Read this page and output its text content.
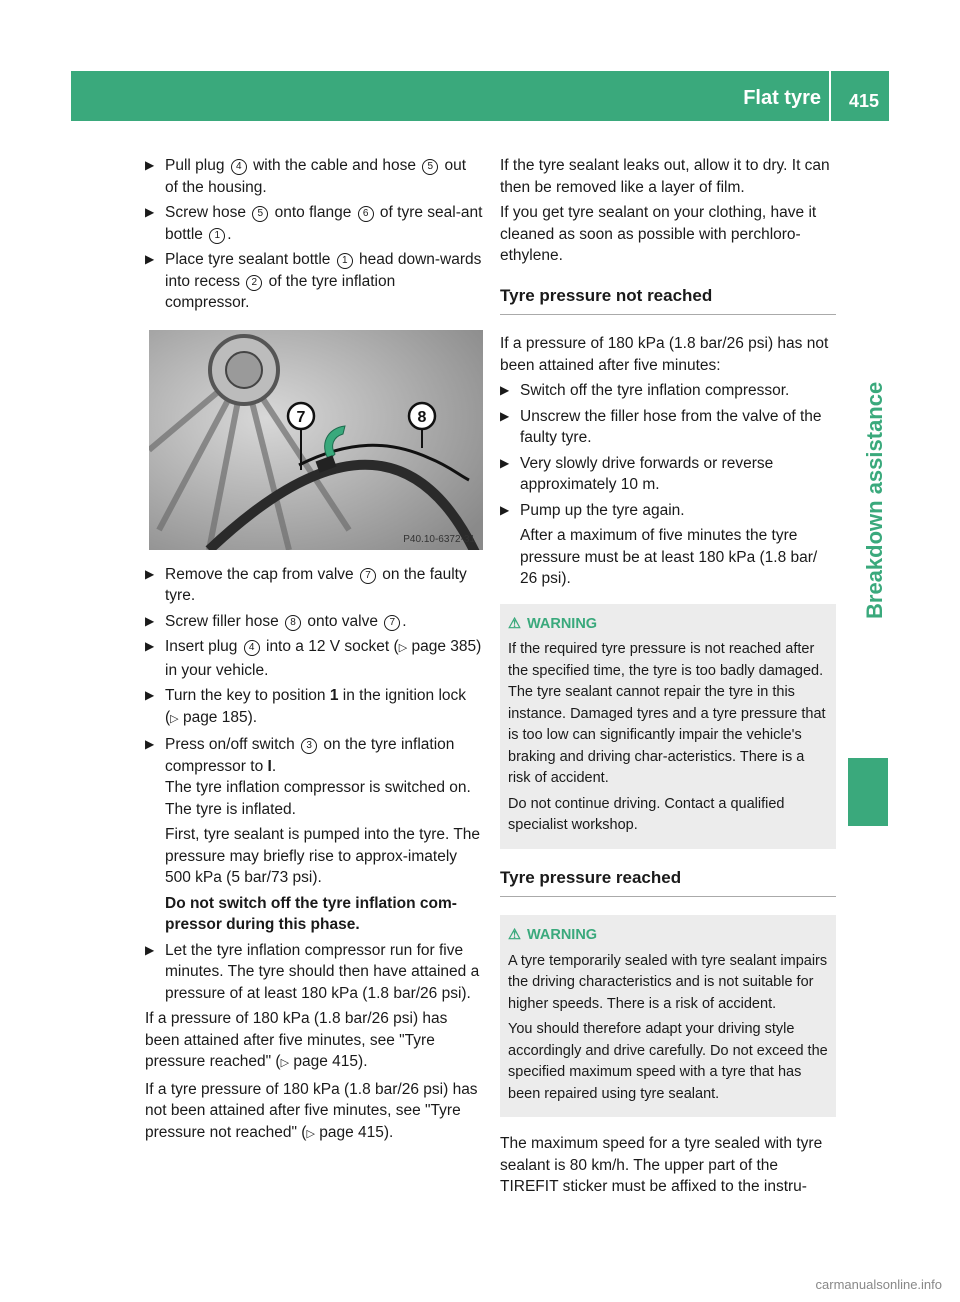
Flat tyre 415
Breakdown assistance
▶ Pull plug 4 with the cable and hose 5 out of the housing.
▶ Screw hose 5 onto flange 6 of tyre seal-ant bottle 1 .
▶ Place tyre sealant bottle 1 head down-wards into recess 2 of the tyre inflation compressor.
7	8
P40.10-6372-31
▶ Remove the cap from valve 7 on the faulty tyre.
▶ Screw filler hose 8 onto valve 7 .
▶ Insert plug 4 into a 12 V socket (▷ page 385) in your vehicle.
▶ Turn the key to position 1 in the ignition lock (▷ page 185).
▶ Press on/off switch 3 on the tyre inflation compressor to I.
The tyre inflation compressor is switched on. The tyre is inflated.
First, tyre sealant is pumped into the tyre. The pressure may briefly rise to approx-imately 500 kPa (5 bar/73 psi).
Do not switch off the tyre inflation com-pressor during this phase.
▶ Let the tyre inflation compressor run for five minutes. The tyre should then have attained a pressure of at least 180 kPa (1.8 bar/26 psi).
If a pressure of 180 kPa (1.8 bar/26 psi) has been attained after five minutes, see "Tyre pressure reached" (▷ page 415).
If a tyre pressure of 180 kPa (1.8 bar/26 psi) has not been attained after five minutes, see "Tyre pressure not reached" (▷ page 415).
If the tyre sealant leaks out, allow it to dry. It can then be removed like a layer of film.
If you get tyre sealant on your clothing, have it cleaned as soon as possible with perchloro-ethylene.
Tyre pressure not reached
If a pressure of 180 kPa (1.8 bar/26 psi) has not been attained after five minutes:
▶ Switch off the tyre inflation compressor.
▶ Unscrew the filler hose from the valve of the faulty tyre.
▶ Very slowly drive forwards or reverse approximately 10 m.
▶ Pump up the tyre again.
After a maximum of five minutes the tyre pressure must be at least 180 kPa (1.8 bar/ 26 psi).
⚠ WARNING

If the required tyre pressure is not reached after the specified time, the tyre is too badly damaged. The tyre sealant cannot repair the tyre in this instance. Damaged tyres and a tyre pressure that is too low can significantly impair the vehicle's braking and driving char-acteristics. There is a risk of accident.

Do not continue driving. Contact a qualified specialist workshop.

Tyre pressure reached
⚠ WARNING

A tyre temporarily sealed with tyre sealant impairs the driving characteristics and is not suitable for higher speeds. There is a risk of accident.

You should therefore adapt your driving style accordingly and drive carefully. Do not exceed the specified maximum speed with a tyre that has been repaired using tyre sealant.

The maximum speed for a tyre sealed with tyre sealant is 80 km/h. The upper part of the TIREFIT sticker must be affixed to the instru-
carmanualsonline.info
